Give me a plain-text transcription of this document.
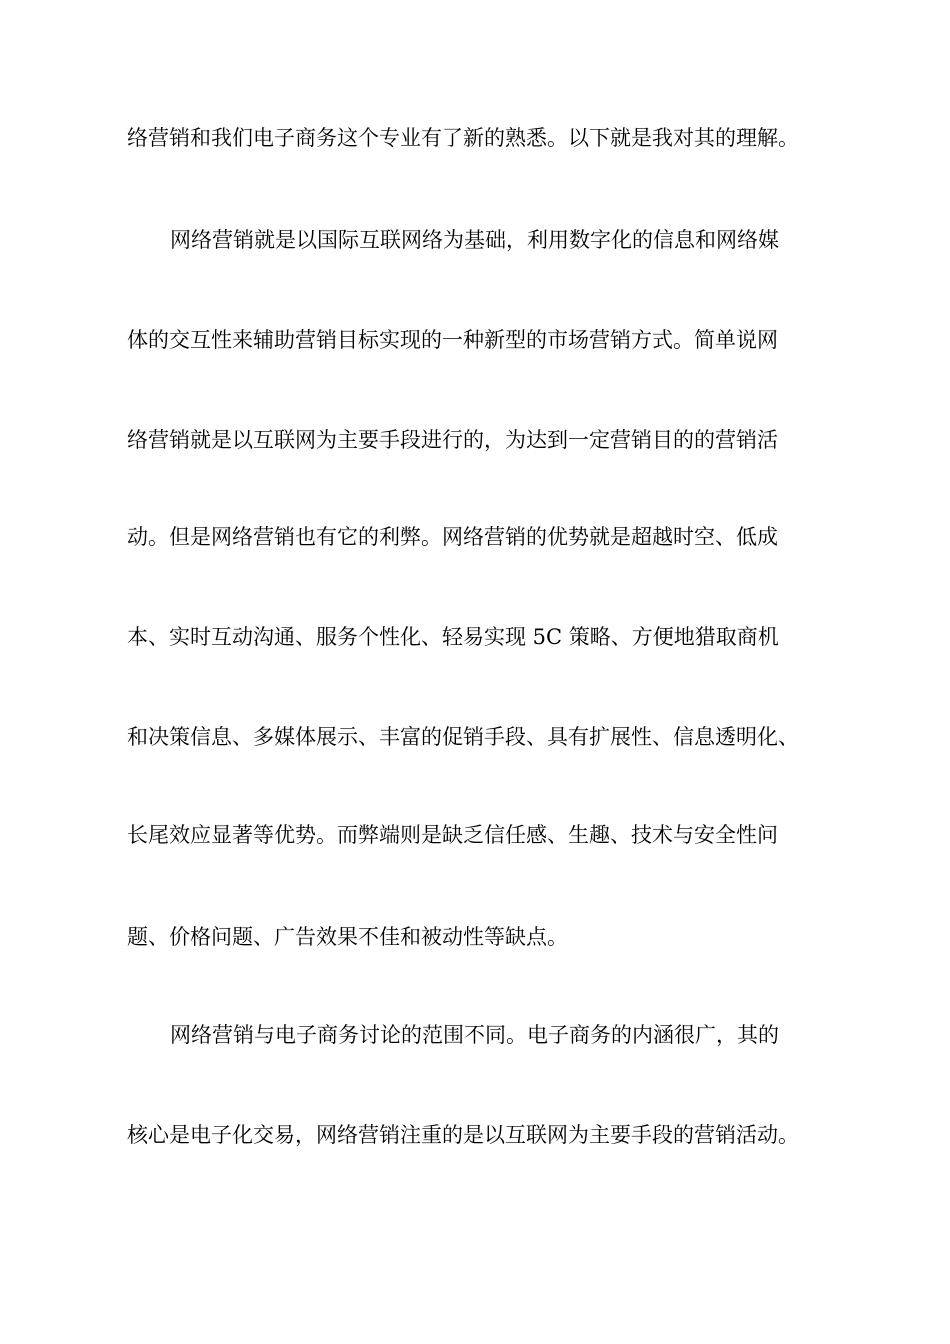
络营销和我们电子商务这个专业有了新的熟悉。以下就是我对其的理解。
网络营销就是以国际互联网络为基础，利用数字化的信息和网络媒
体的交互性来辅助营销目标实现的一种新型的市场营销方式。简单说网
络营销就是以互联网为主要手段进行的，为达到一定营销目的的营销活
动。但是网络营销也有它的利弊。网络营销的优势就是超越时空、低成
本、实时互动沟通、服务个性化、轻易实现 5C 策略、方便地猎取商机
和决策信息、多媒体展示、丰富的促销手段、具有扩展性、信息透明化、
长尾效应显著等优势。而弊端则是缺乏信任感、生趣、技术与安全性问
题、价格问题、广告效果不佳和被动性等缺点。
网络营销与电子商务讨论的范围不同。电子商务的内涵很广，其的
核心是电子化交易，网络营销注重的是以互联网为主要手段的营销活动。
